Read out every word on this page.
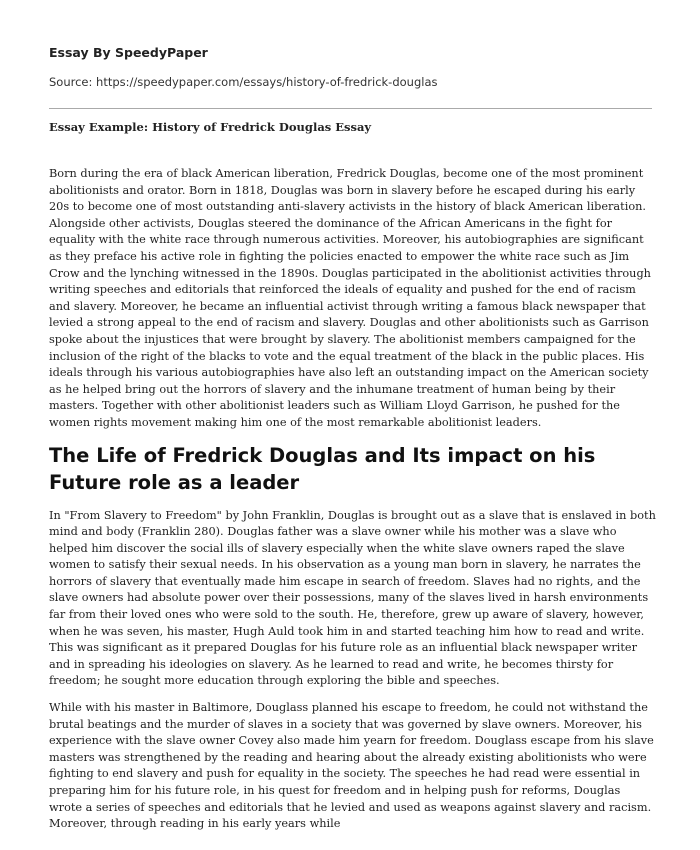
Essay By SpeedyPaper
Source: https://speedypaper.com/essays/history-of-fredrick-douglas
Essay Example: History of Fredrick Douglas Essay

Born during the era of black American liberation, Fredrick Douglas, become one of the most prominent abolitionists and orator. Born in 1818, Douglas was born in slavery before he escaped during his early 20s to become one of most outstanding anti-slavery activists in the history of black American liberation. Alongside other activists, Douglas steered the dominance of the African Americans in the fight for equality with the white race through numerous activities. Moreover, his autobiographies are significant as they preface his active role in fighting the policies enacted to empower the white race such as Jim Crow and the lynching witnessed in the 1890s. Douglas participated in the abolitionist activities through writing speeches and editorials that reinforced the ideals of equality and pushed for the end of racism and slavery. Moreover, he became an influential activist through writing a famous black newspaper that levied a strong appeal to the end of racism and slavery. Douglas and other abolitionists such as Garrison spoke about the injustices that were brought by slavery. The abolitionist members campaigned for the inclusion of the right of the blacks to vote and the equal treatment of the black in the public places. His ideals through his various autobiographies have also left an outstanding impact on the American society as he helped bring out the horrors of slavery and the inhumane treatment of human being by their masters. Together with other abolitionist leaders such as William Lloyd Garrison, he pushed for the women rights movement making him one of the most remarkable abolitionist leaders.

The Life of Fredrick Douglas and Its impact on his Future role as a leader

In "From Slavery to Freedom" by John Franklin, Douglas is brought out as a slave that is enslaved in both mind and body (Franklin 280). Douglas father was a slave owner while his mother was a slave who helped him discover the social ills of slavery especially when the white slave owners raped the slave women to satisfy their sexual needs. In his observation as a young man born in slavery, he narrates the horrors of slavery that eventually made him escape in search of freedom. Slaves had no rights, and the slave owners had absolute power over their possessions, many of the slaves lived in harsh environments far from their loved ones who were sold to the south. He, therefore, grew up aware of slavery, however, when he was seven, his master, Hugh Auld took him in and started teaching him how to read and write. This was significant as it prepared Douglas for his future role as an influential black newspaper writer and in spreading his ideologies on slavery. As he learned to read and write, he becomes thirsty for freedom; he sought more education through exploring the bible and speeches.

While with his master in Baltimore, Douglass planned his escape to freedom, he could not withstand the brutal beatings and the murder of slaves in a society that was governed by slave owners. Moreover, his experience with the slave owner Covey also made him yearn for freedom. Douglass escape from his slave masters was strengthened by the reading and hearing about the already existing abolitionists who were fighting to end slavery and push for equality in the society. The speeches he had read were essential in preparing him for his future role, in his quest for freedom and in helping push for reforms, Douglas wrote a series of speeches and editorials that he levied and used as weapons against slavery and racism. Moreover, through reading in his early years while
